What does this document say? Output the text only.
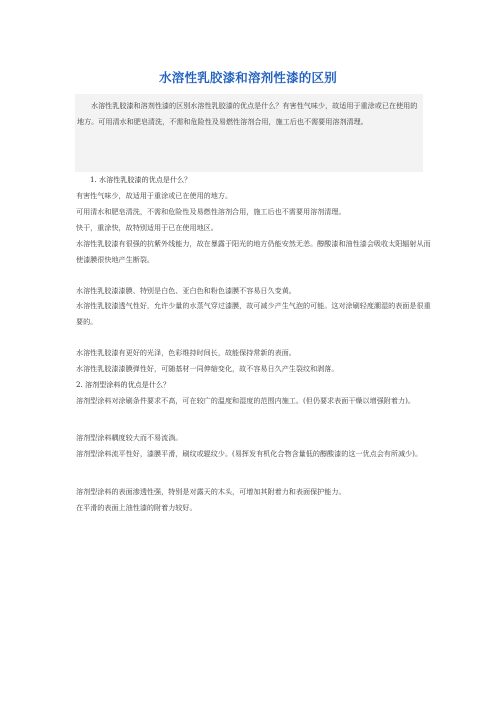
水溶性乳胶漆和溶剂性漆的区别

水溶性乳胶漆和溶剂性漆的区别水溶性乳胶漆的优点是什么？有害性气味少，故适用于重涂或已在使用的地方。可用清水和肥皂清洗，不需和危险性及易燃性溶剂合用，施工后也不需要用溶剂清理。

1. 水溶性乳胶漆的优点是什么？
有害性气味少，故适用于重涂或已在使用的地方。
可用清水和肥皂清洗，不需和危险性及易燃性溶剂合用，施工后也不需要用溶剂清理。
快干，重涂快，故特别适用于已在使用地区。
水溶性乳胶漆有很强的抗紫外线能力，故在暴露于阳光的地方仍能安然无恙。醇酸漆和油性漆会吸收太阳辐射从而使漆膜很快地产生断裂。
水溶性乳胶漆漆膜、特别是白色、亚白色和粉色漆膜不容易日久变黄。
水溶性乳胶漆透气性好，允许少量的水蒸气穿过漆膜，故可减少产生气泡的可能。这对涂刷轻度潮湿的表面是很重要的。
水溶性乳胶漆有更好的光泽，色彩维持时间长，故能保持常新的表面。
水溶性乳胶漆漆膜弹性好，可随基材一同伸缩变化，故不容易日久产生裂纹和剥落。
2. 溶剂型涂料的优点是什么？
溶剂型涂料对涂刷条件要求不高，可在较广的温度和湿度的范围内施工。(但仍要求表面干燥以增强附着力)。
溶剂型涂料耦度较大而不易流淌。
溶剂型涂料流平性好，漆膜平滑，刷纹或辊纹少。(易挥发有机化合物含量低的醇酸漆的这一优点会有所减少)。
溶剂型涂料的表面渗透性强，特别是对露天的木头，可增加其附着力和表面保护能力。
在平滑的表面上油性漆的附着力较好。
